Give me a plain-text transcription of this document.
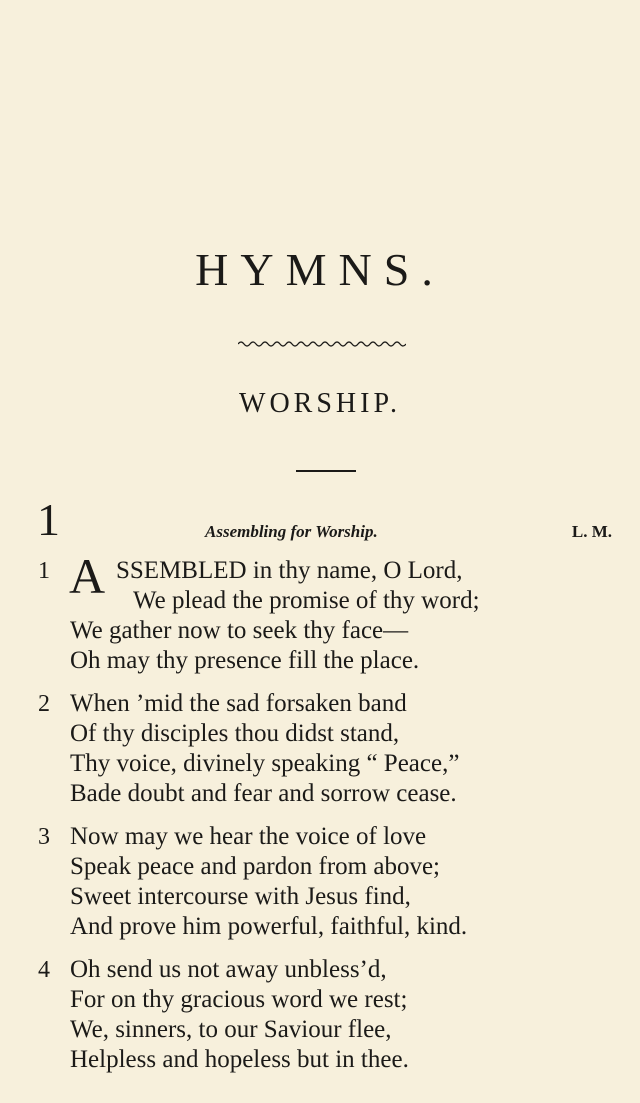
HYMNS.
WORSHIP.
1	Assembling for Worship.	L. M.
1 A SSEMBLED in thy name, O Lord,
We plead the promise of thy word;
We gather now to seek thy face—
Oh may thy presence fill the place.
2 When ’mid the sad forsaken band
Of thy disciples thou didst stand,
Thy voice, divinely speaking “ Peace,”
Bade doubt and fear and sorrow cease.
3 Now may we hear the voice of love
Speak peace and pardon from above;
Sweet intercourse with Jesus find,
And prove him powerful, faithful, kind.
4 Oh send us not away unbless’d,
For on thy gracious word we rest;
We, sinners, to our Saviour flee,
Helpless and hopeless but in thee.
